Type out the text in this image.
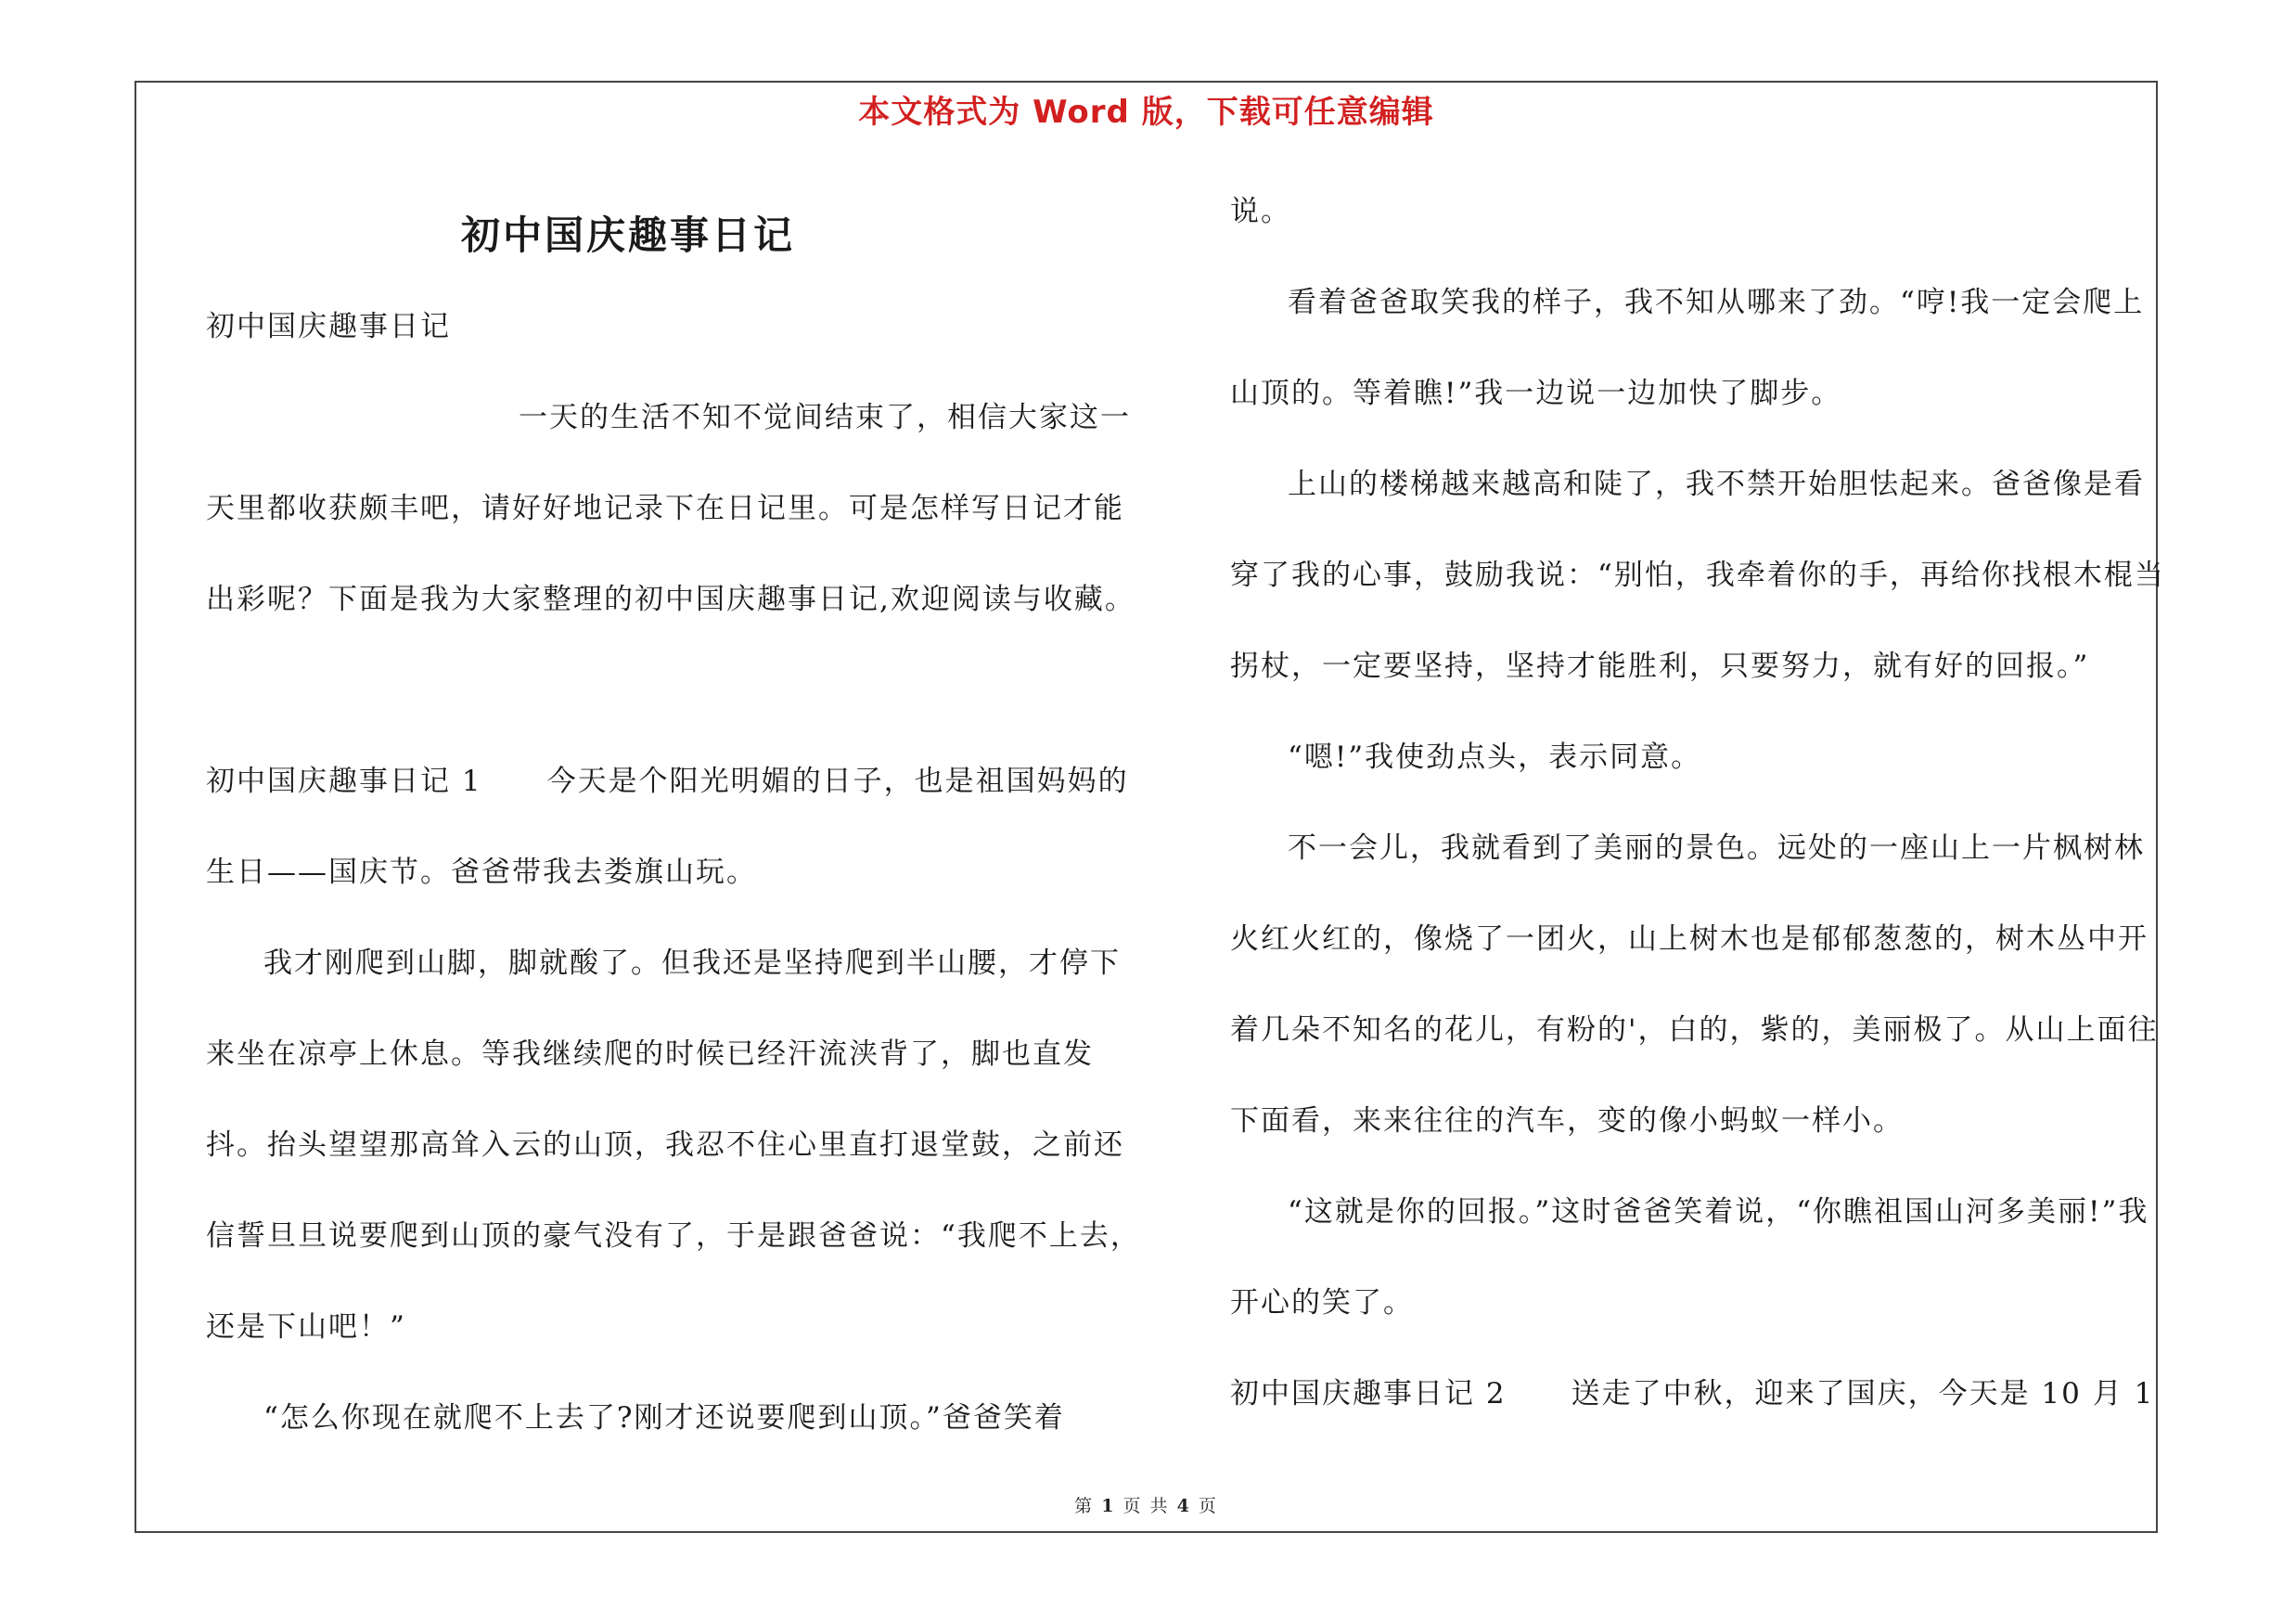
本文格式为 Word 版，下载可任意编辑
初中国庆趣事日记

初中国庆趣事日记

一天的生活不知不觉间结束了，相信大家这一天里都收获颇丰吧，请好好地记录下在日记里。可是怎样写日记才能出彩呢？下面是我为大家整理的初中国庆趣事日记,欢迎阅读与收藏。

初中国庆趣事日记 1 今天是个阳光明媚的日子，也是祖国妈妈的生日——国庆节。爸爸带我去娄旗山玩。

我才刚爬到山脚，脚就酸了。但我还是坚持爬到半山腰，才停下来坐在凉亭上休息。等我继续爬的时候已经汗流浃背了，脚也直发抖。抬头望望那高耸入云的山顶，我忍不住心里直打退堂鼓，之前还信誓旦旦说要爬到山顶的豪气没有了，于是跟爸爸说：“我爬不上去，还是下山吧！”

“怎么你现在就爬不上去了?刚才还说要爬到山顶。”爸爸笑着

说。

看着爸爸取笑我的样子，我不知从哪来了劲。“哼!我一定会爬上山顶的。等着瞧!”我一边说一边加快了脚步。

上山的楼梯越来越高和陡了，我不禁开始胆怯起来。爸爸像是看穿了我的心事，鼓励我说：“别怕，我牵着你的手，再给你找根木棍当拐杖，一定要坚持，坚持才能胜利，只要努力，就有好的回报。”

“嗯!”我使劲点头，表示同意。

不一会儿，我就看到了美丽的景色。远处的一座山上一片枫树林火红火红的，像烧了一团火，山上树木也是郁郁葱葱的，树木丛中开着几朵不知名的花儿，有粉的'，白的，紫的，美丽极了。从山上面往下面看，来来往往的汽车，变的像小蚂蚁一样小。

“这就是你的回报。”这时爸爸笑着说，“你瞧祖国山河多美丽!”我开心的笑了。

初中国庆趣事日记 2 送走了中秋，迎来了国庆，今天是 10 月 1

第 1 页 共 4 页
